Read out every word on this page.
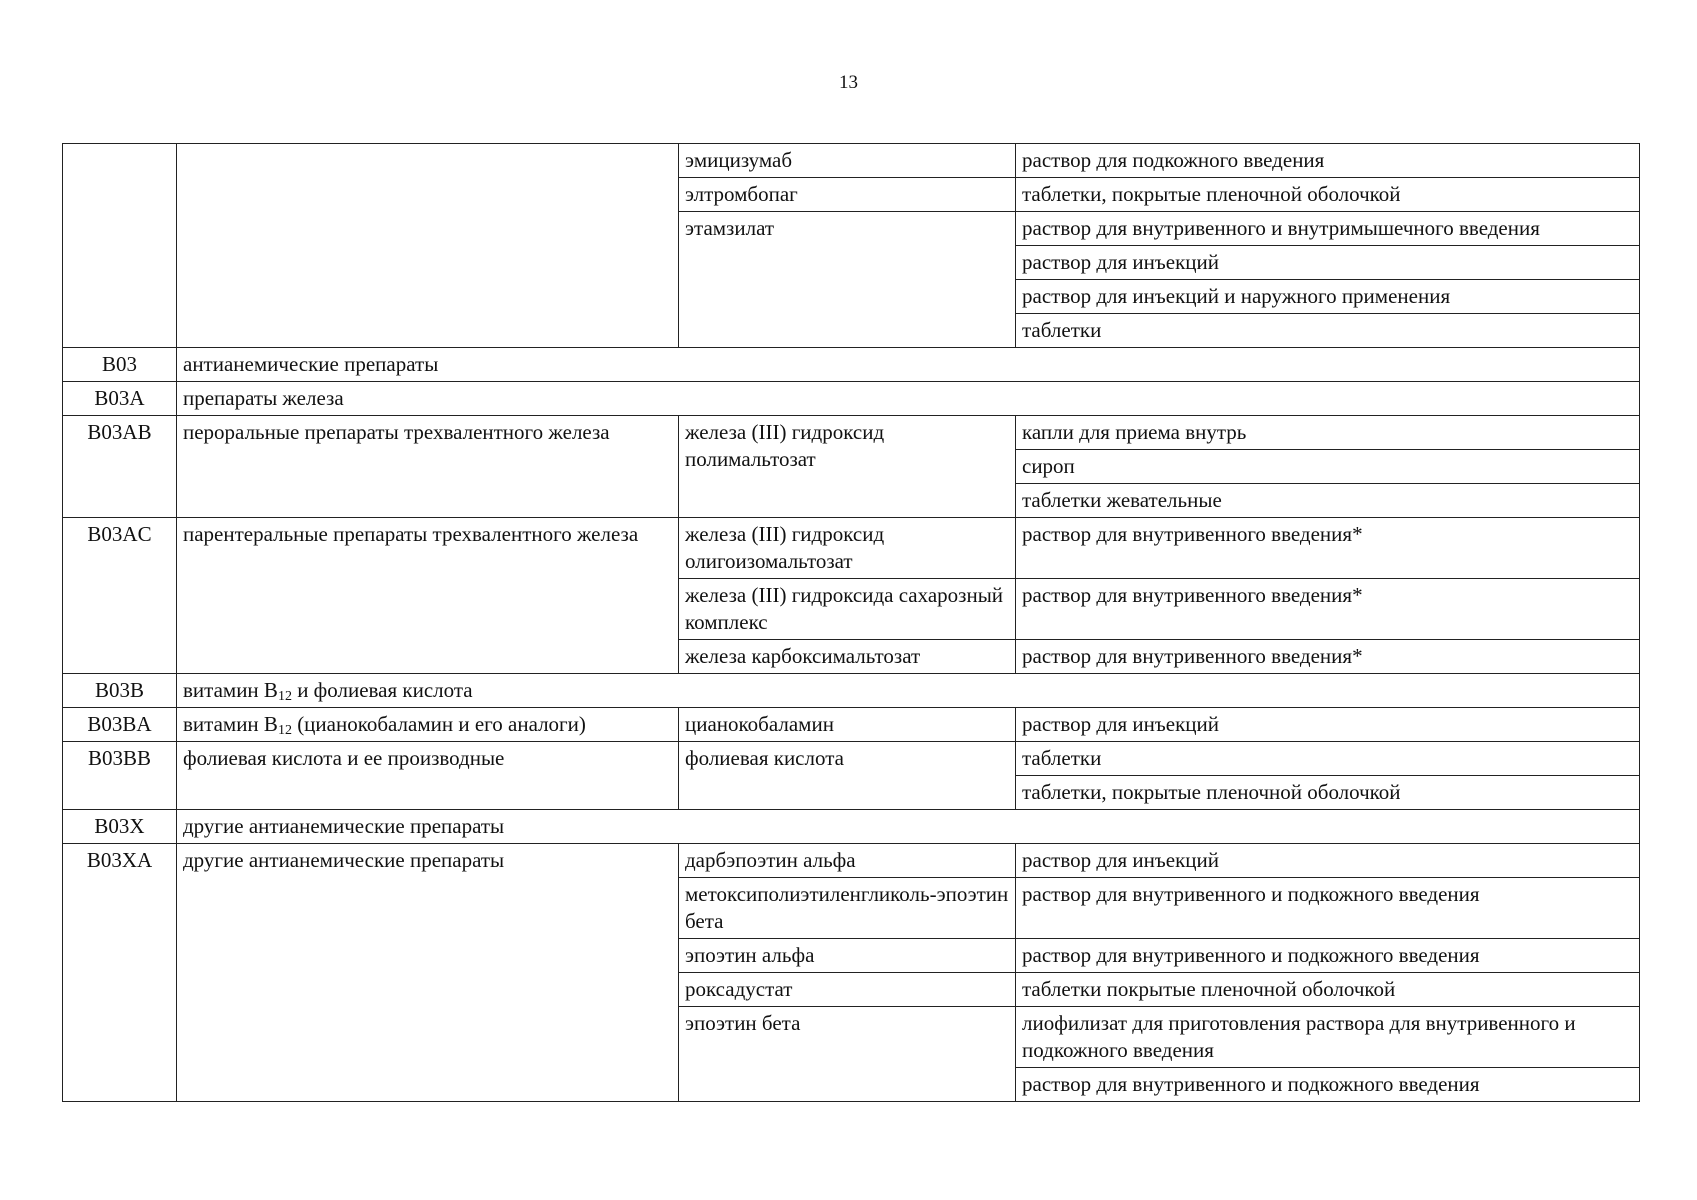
13
		эмицизумаб	раствор для подкожного введения
		элтромбопаг	таблетки, покрытые пленочной оболочкой
		этамзилат	раствор для внутривенного и внутримышечного введения
			раствор для инъекций
			раствор для инъекций и наружного применения
			таблетки
B03	антианемические препараты		
B03A	препараты железа		
B03AB	пероральные препараты трехвалентного железа	железа (III) гидроксид полимальтозат	капли для приема внутрь
			сироп
			таблетки жевательные
B03AC	парентеральные препараты трехвалентного железа	железа (III) гидроксид олигоизомальтозат	раствор для внутривенного введения*
		железа (III) гидроксида сахарозный комплекс	раствор для внутривенного введения*
		железа карбоксимальтозат	раствор для внутривенного введения*
B03B	витамин $В_{12}$ и фолиевая кислота		
B03BA	витамин $В_{12}$ (цианокобаламин и его аналоги)	цианокобаламин	раствор для инъекций
B03BB	фолиевая кислота и ее производные	фолиевая кислота	таблетки
			таблетки, покрытые пленочной оболочкой
B03X	другие антианемические препараты		
B03XA	другие антианемические препараты	дарбэпоэтин альфа	раствор для инъекций
		метоксиполиэтиленгликоль-эпоэтин бета	раствор для внутривенного и подкожного введения
		эпоэтин альфа	раствор для внутривенного и подкожного введения
		роксадустат	таблетки покрытые пленочной оболочкой
		эпоэтин бета	лиофилизат для приготовления раствора для внутривенного и подкожного введения
			раствор для внутривенного и подкожного введения
